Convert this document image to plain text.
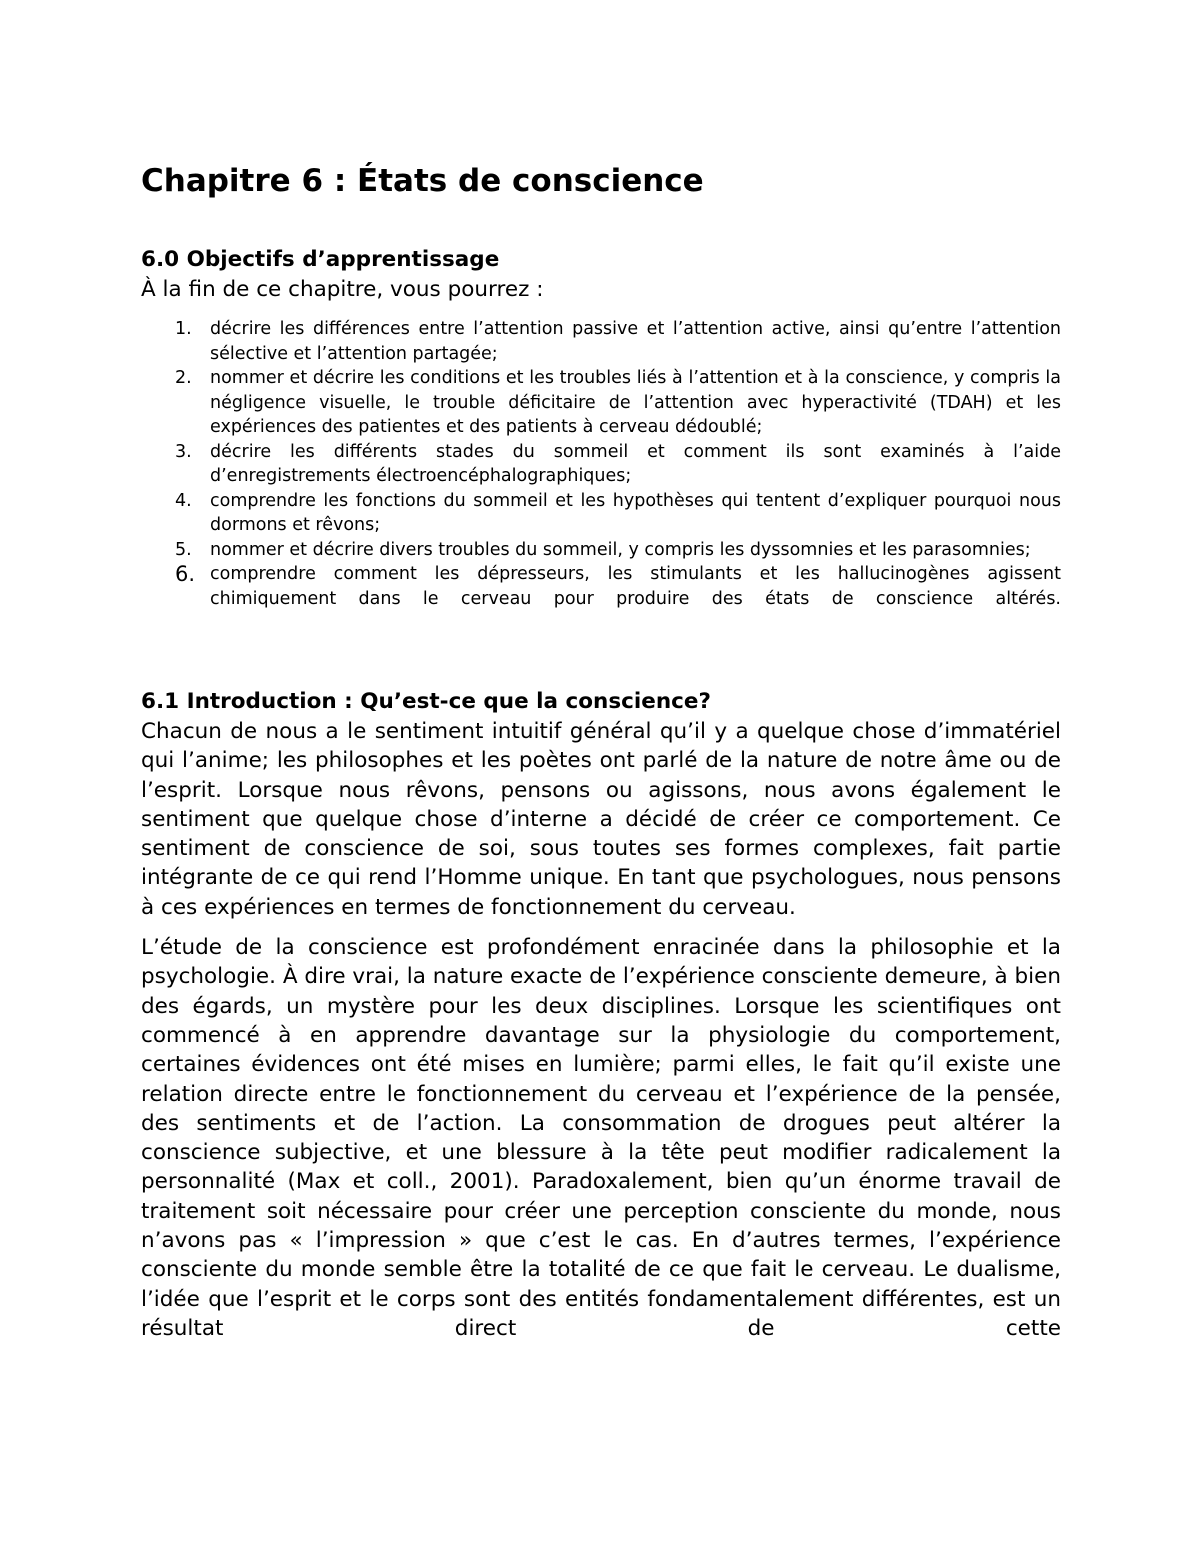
Chapitre 6 : États de conscience
6.0 Objectifs d’apprentissage

À la fin de ce chapitre, vous pourrez :

1. décrire les différences entre l’attention passive et l’attention active, ainsi qu’entre l’attention sélective et l’attention partagée;
2. nommer et décrire les conditions et les troubles liés à l’attention et à la conscience, y compris la négligence visuelle, le trouble déficitaire de l’attention avec hyperactivité (TDAH) et les expériences des patientes et des patients à cerveau dédoublé;
3. décrire les différents stades du sommeil et comment ils sont examinés à l’aide d’enregistrements électroencéphalographiques;
4. comprendre les fonctions du sommeil et les hypothèses qui tentent d’expliquer pourquoi nous dormons et rêvons;
5. nommer et décrire divers troubles du sommeil, y compris les dyssomnies et les parasomnies;
6. comprendre comment les dépresseurs, les stimulants et les hallucinogènes agissent chimiquement dans le cerveau pour produire des états de conscience altérés.
6.1 Introduction : Qu’est-ce que la conscience?

Chacun de nous a le sentiment intuitif général qu’il y a quelque chose d’immatériel qui l’anime; les philosophes et les poètes ont parlé de la nature de notre âme ou de l’esprit. Lorsque nous rêvons, pensons ou agissons, nous avons également le sentiment que quelque chose d’interne a décidé de créer ce comportement. Ce sentiment de conscience de soi, sous toutes ses formes complexes, fait partie intégrante de ce qui rend l’Homme unique. En tant que psychologues, nous pensons à ces expériences en termes de fonctionnement du cerveau.

L’étude de la conscience est profondément enracinée dans la philosophie et la psychologie. À dire vrai, la nature exacte de l’expérience consciente demeure, à bien des égards, un mystère pour les deux disciplines. Lorsque les scientifiques ont commencé à en apprendre davantage sur la physiologie du comportement, certaines évidences ont été mises en lumière; parmi elles, le fait qu’il existe une relation directe entre le fonctionnement du cerveau et l’expérience de la pensée, des sentiments et de l’action. La consommation de drogues peut altérer la conscience subjective, et une blessure à la tête peut modifier radicalement la personnalité (Max et coll., 2001). Paradoxalement, bien qu’un énorme travail de traitement soit nécessaire pour créer une perception consciente du monde, nous n’avons pas « l’impression » que c’est le cas. En d’autres termes, l’expérience consciente du monde semble être la totalité de ce que fait le cerveau. Le dualisme, l’idée que l’esprit et le corps sont des entités fondamentalement différentes, est un résultat direct de cette
